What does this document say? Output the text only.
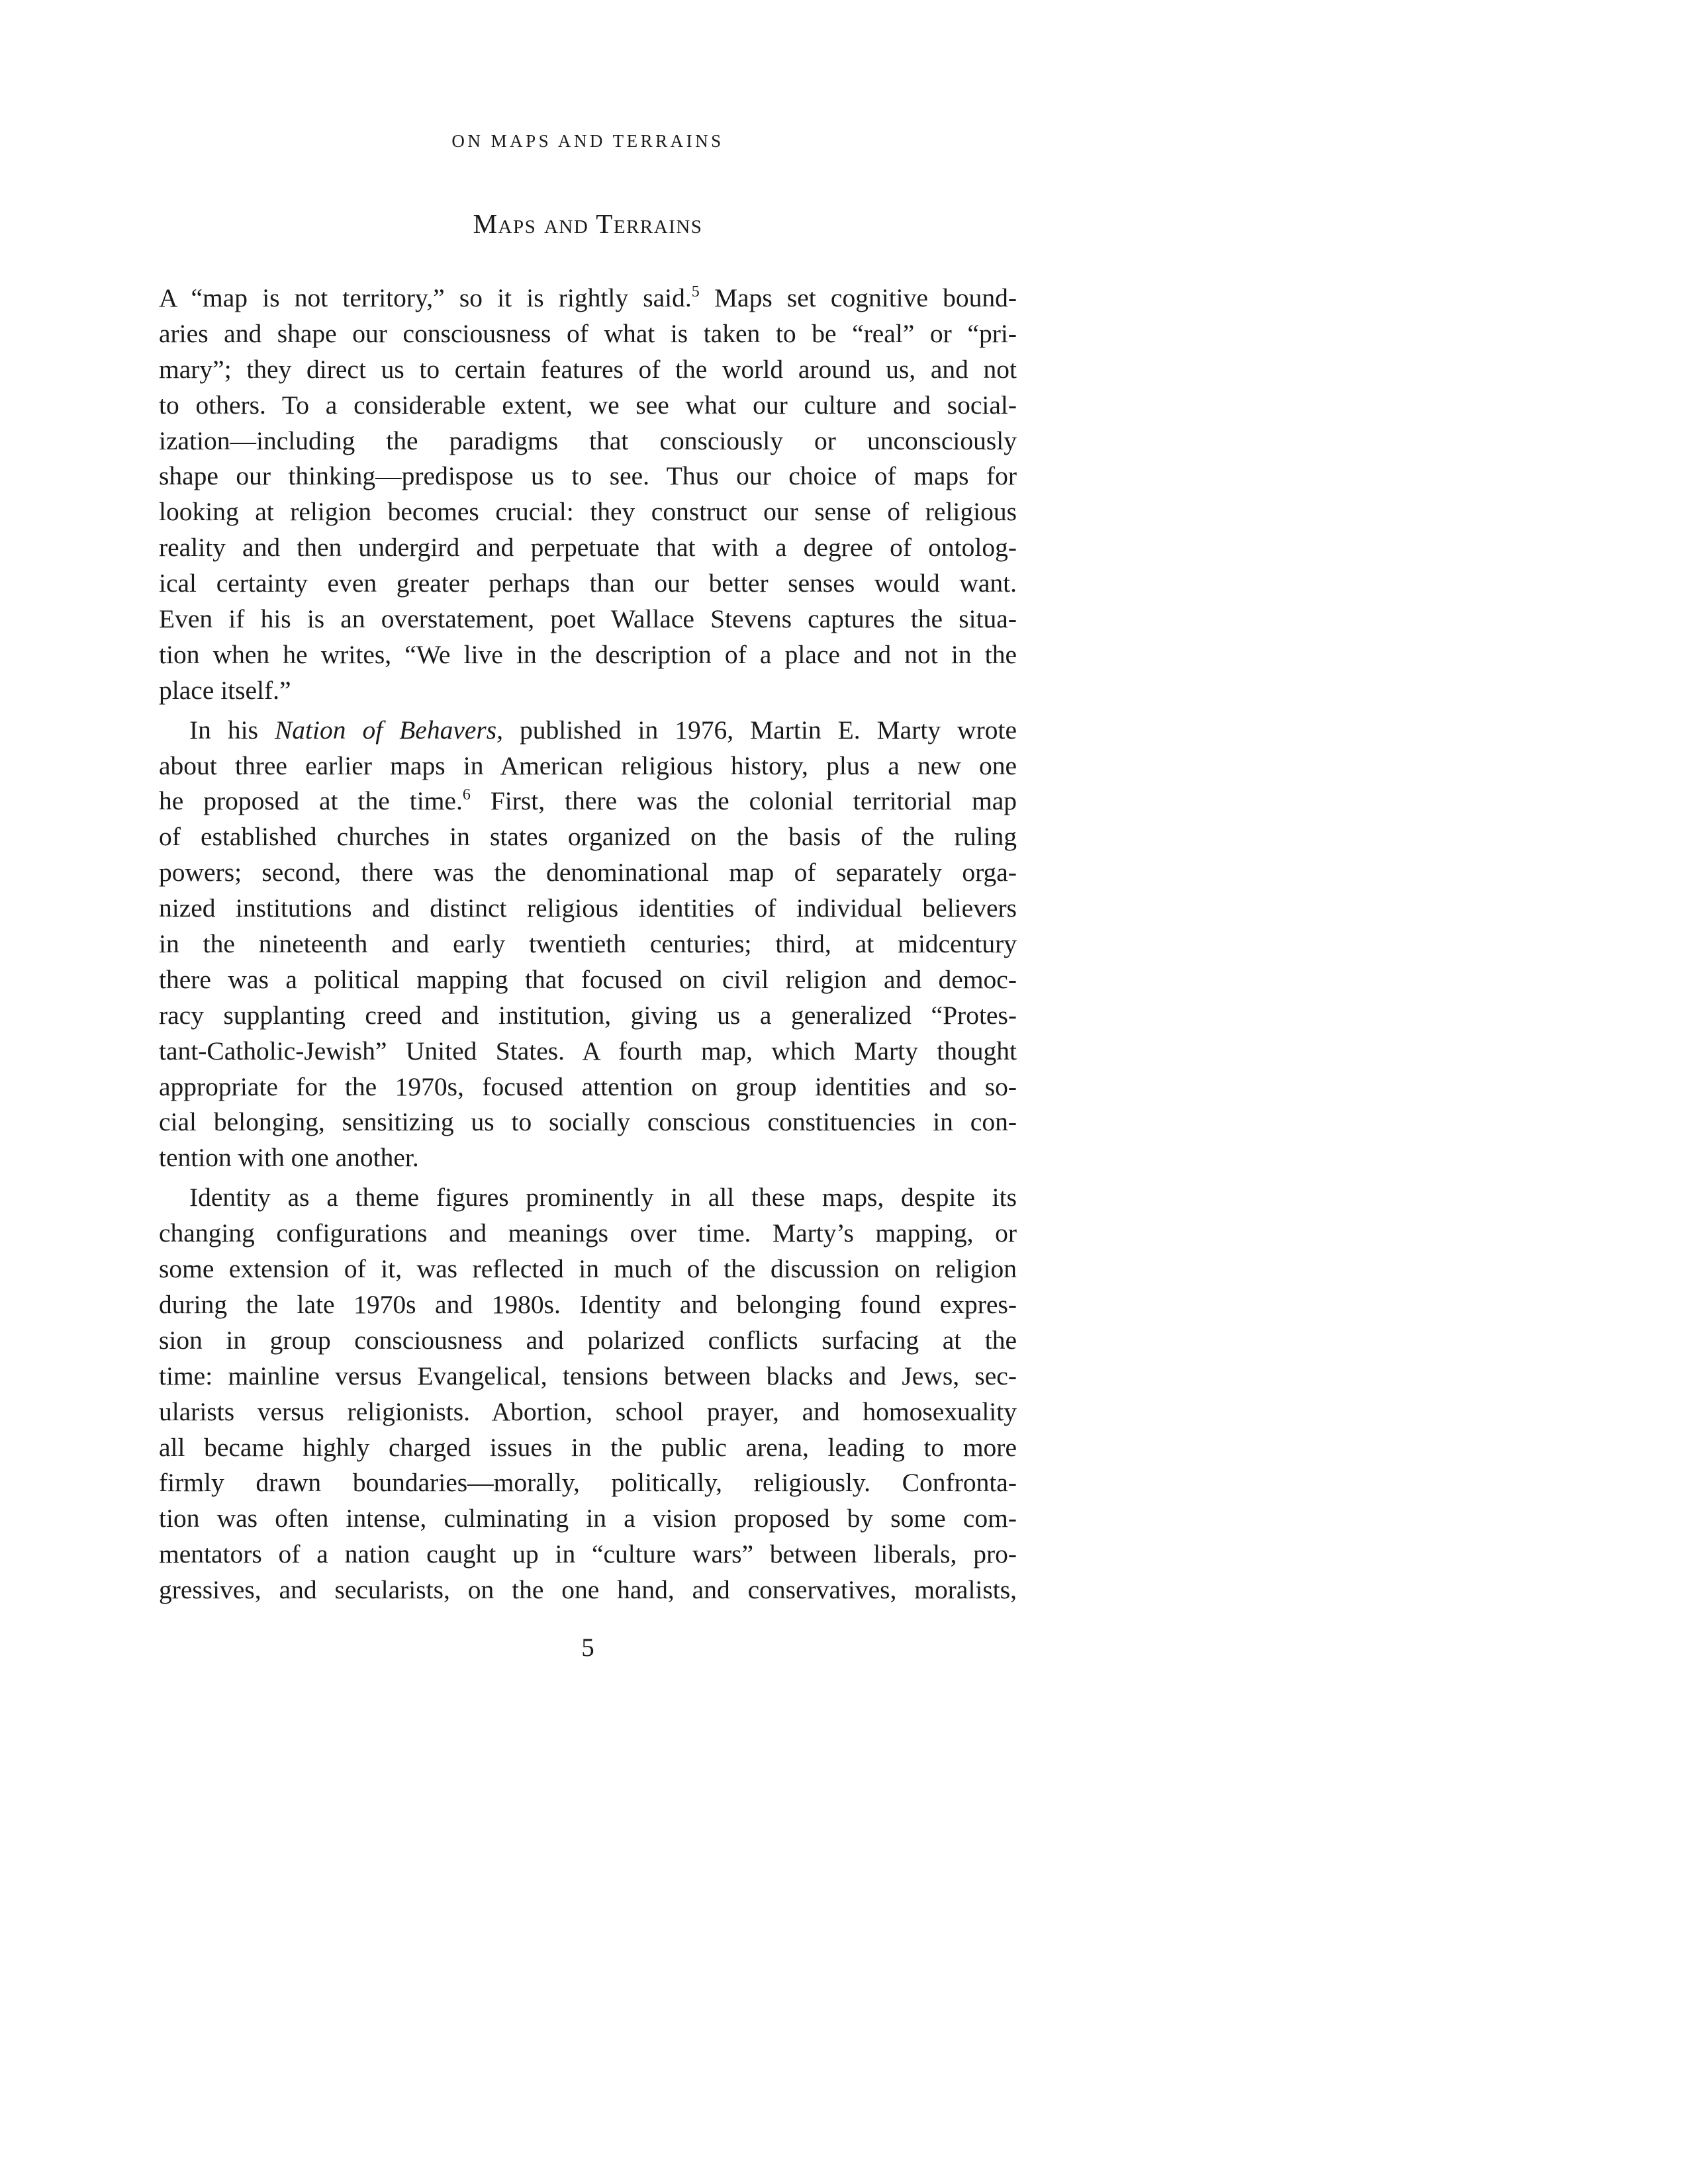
ON MAPS AND TERRAINS
Maps and Terrains
A “map is not territory,” so it is rightly said.$^5$ Maps set cognitive bound-
aries and shape our consciousness of what is taken to be “real” or “pri-
mary”; they direct us to certain features of the world around us, and not
to others. To a considerable extent, we see what our culture and social-
ization—including the paradigms that consciously or unconsciously
shape our thinking—predispose us to see. Thus our choice of maps for
looking at religion becomes crucial: they construct our sense of religious
reality and then undergird and perpetuate that with a degree of ontolog-
ical certainty even greater perhaps than our better senses would want.
Even if his is an overstatement, poet Wallace Stevens captures the situa-
tion when he writes, “We live in the description of a place and not in the
place itself.”
In his Nation of Behavers, published in 1976, Martin E. Marty wrote
about three earlier maps in American religious history, plus a new one
he proposed at the time.$^6$ First, there was the colonial territorial map
of established churches in states organized on the basis of the ruling
powers; second, there was the denominational map of separately orga-
nized institutions and distinct religious identities of individual believers
in the nineteenth and early twentieth centuries; third, at midcentury
there was a political mapping that focused on civil religion and democ-
racy supplanting creed and institution, giving us a generalized “Protes-
tant-Catholic-Jewish” United States. A fourth map, which Marty thought
appropriate for the 1970s, focused attention on group identities and so-
cial belonging, sensitizing us to socially conscious constituencies in con-
tention with one another.
Identity as a theme figures prominently in all these maps, despite its
changing configurations and meanings over time. Marty’s mapping, or
some extension of it, was reflected in much of the discussion on religion
during the late 1970s and 1980s. Identity and belonging found expres-
sion in group consciousness and polarized conflicts surfacing at the
time: mainline versus Evangelical, tensions between blacks and Jews, sec-
ularists versus religionists. Abortion, school prayer, and homosexuality
all became highly charged issues in the public arena, leading to more
firmly drawn boundaries—morally, politically, religiously. Confronta-
tion was often intense, culminating in a vision proposed by some com-
mentators of a nation caught up in “culture wars” between liberals, pro-
gressives, and secularists, on the one hand, and conservatives, moralists,
5
